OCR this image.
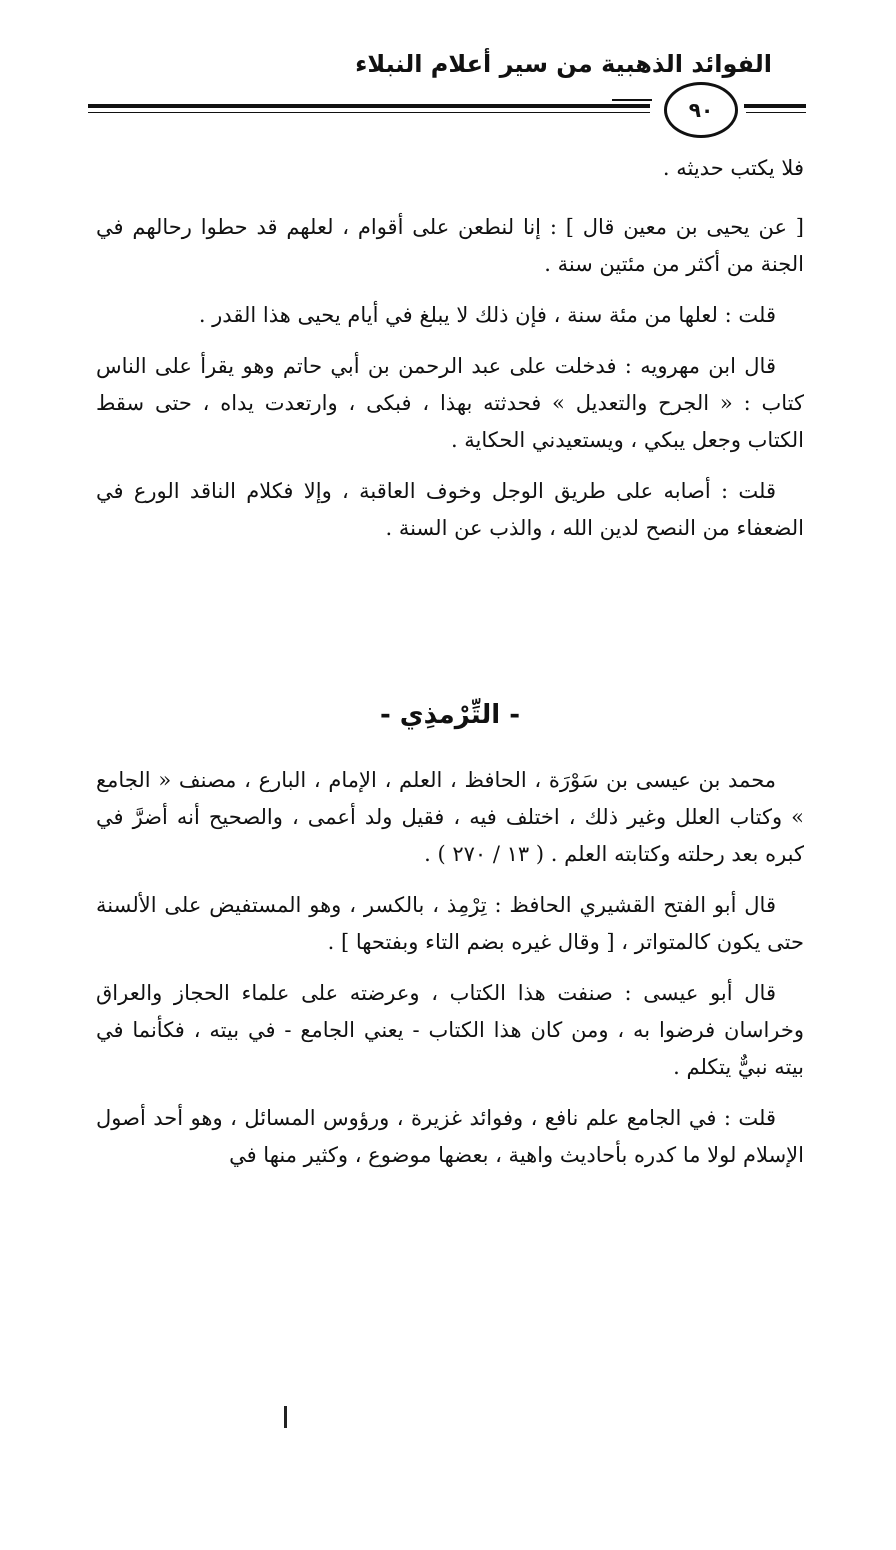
الفوائد الذهبية من سير أعلام النبلاء
٩٠

فلا يكتب حديثه .

[ عن يحيى بن معين قال ] : إنا لنطعن على أقوام ، لعلهم قد حطوا رحالهم في الجنة من أكثر من مئتين سنة .

قلت : لعلها من مئة سنة ، فإن ذلك لا يبلغ في أيام يحيى هذا القدر .

قال ابن مهرويه : فدخلت على عبد الرحمن بن أبي حاتم وهو يقرأ على الناس كتاب : « الجرح والتعديل » فحدثته بهذا ، فبكى ، وارتعدت يداه ، حتى سقط الكتاب وجعل يبكي ، ويستعيدني الحكاية .

قلت : أصابه على طريق الوجل وخوف العاقبة ، وإلا فكلام الناقد الورع في الضعفاء من النصح لدين الله ، والذب عن السنة .

- التِّرْمذِي -

محمد بن عيسى بن سَوْرَة ، الحافظ ، العلم ، الإمام ، البارع ، مصنف « الجامع » وكتاب العلل وغير ذلك ، اختلف فيه ، فقيل ولد أعمى ، والصحيح أنه أضرَّ في كبره بعد رحلته وكتابته العلم . ( ١٣ / ٢٧٠ ) .

قال أبو الفتح القشيري الحافظ : تِرْمِذ ، بالكسر ، وهو المستفيض على الألسنة حتى يكون كالمتواتر ، [ وقال غيره بضم التاء وبفتحها ] .

قال أبو عيسى : صنفت هذا الكتاب ، وعرضته على علماء الحجاز والعراق وخراسان فرضوا به ، ومن كان هذا الكتاب - يعني الجامع - في بيته ، فكأنما في بيته نبيٌّ يتكلم .

قلت : في الجامع علم نافع ، وفوائد غزيرة ، ورؤوس المسائل ، وهو أحد أصول الإسلام لولا ما كدره بأحاديث واهية ، بعضها موضوع ، وكثير منها في
